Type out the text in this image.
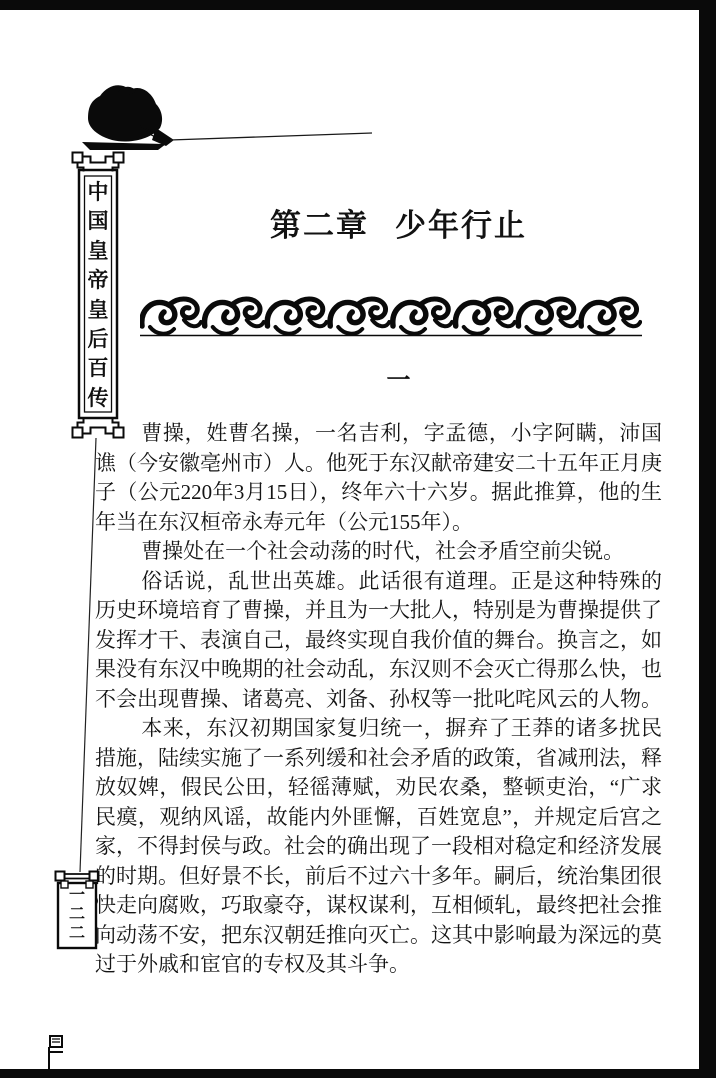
中
国
皇
帝
皇
后
百
传
第二章 少年行止
一

曹操，姓曹名操，一名吉利，字孟德，小字阿瞒，沛国谯（今安徽亳州市）人。他死于东汉献帝建安二十五年正月庚子（公元220年3月15日），终年六十六岁。据此推算，他的生年当在东汉桓帝永寿元年（公元155年）。

曹操处在一个社会动荡的时代，社会矛盾空前尖锐。

俗话说，乱世出英雄。此话很有道理。正是这种特殊的历史环境培育了曹操，并且为一大批人，特别是为曹操提供了发挥才干、表演自己，最终实现自我价值的舞台。换言之，如果没有东汉中晚期的社会动乱，东汉则不会灭亡得那么快，也不会出现曹操、诸葛亮、刘备、孙权等一批叱咤风云的人物。

本来，东汉初期国家复归统一，摒弃了王莽的诸多扰民措施，陆续实施了一系列缓和社会矛盾的政策，省减刑法，释放奴婢，假民公田，轻徭薄赋，劝民农桑，整顿吏治，“广求民瘼，观纳风谣，故能内外匪懈，百姓宽息”，并规定后宫之家，不得封侯与政。社会的确出现了一段相对稳定和经济发展的时期。但好景不长，前后不过六十多年。嗣后，统治集团很快走向腐败，巧取豪夺，谋权谋利，互相倾轧，最终把社会推向动荡不安，把东汉朝廷推向灭亡。这其中影响最为深远的莫过于外戚和宦官的专权及其斗争。

一
二
二
